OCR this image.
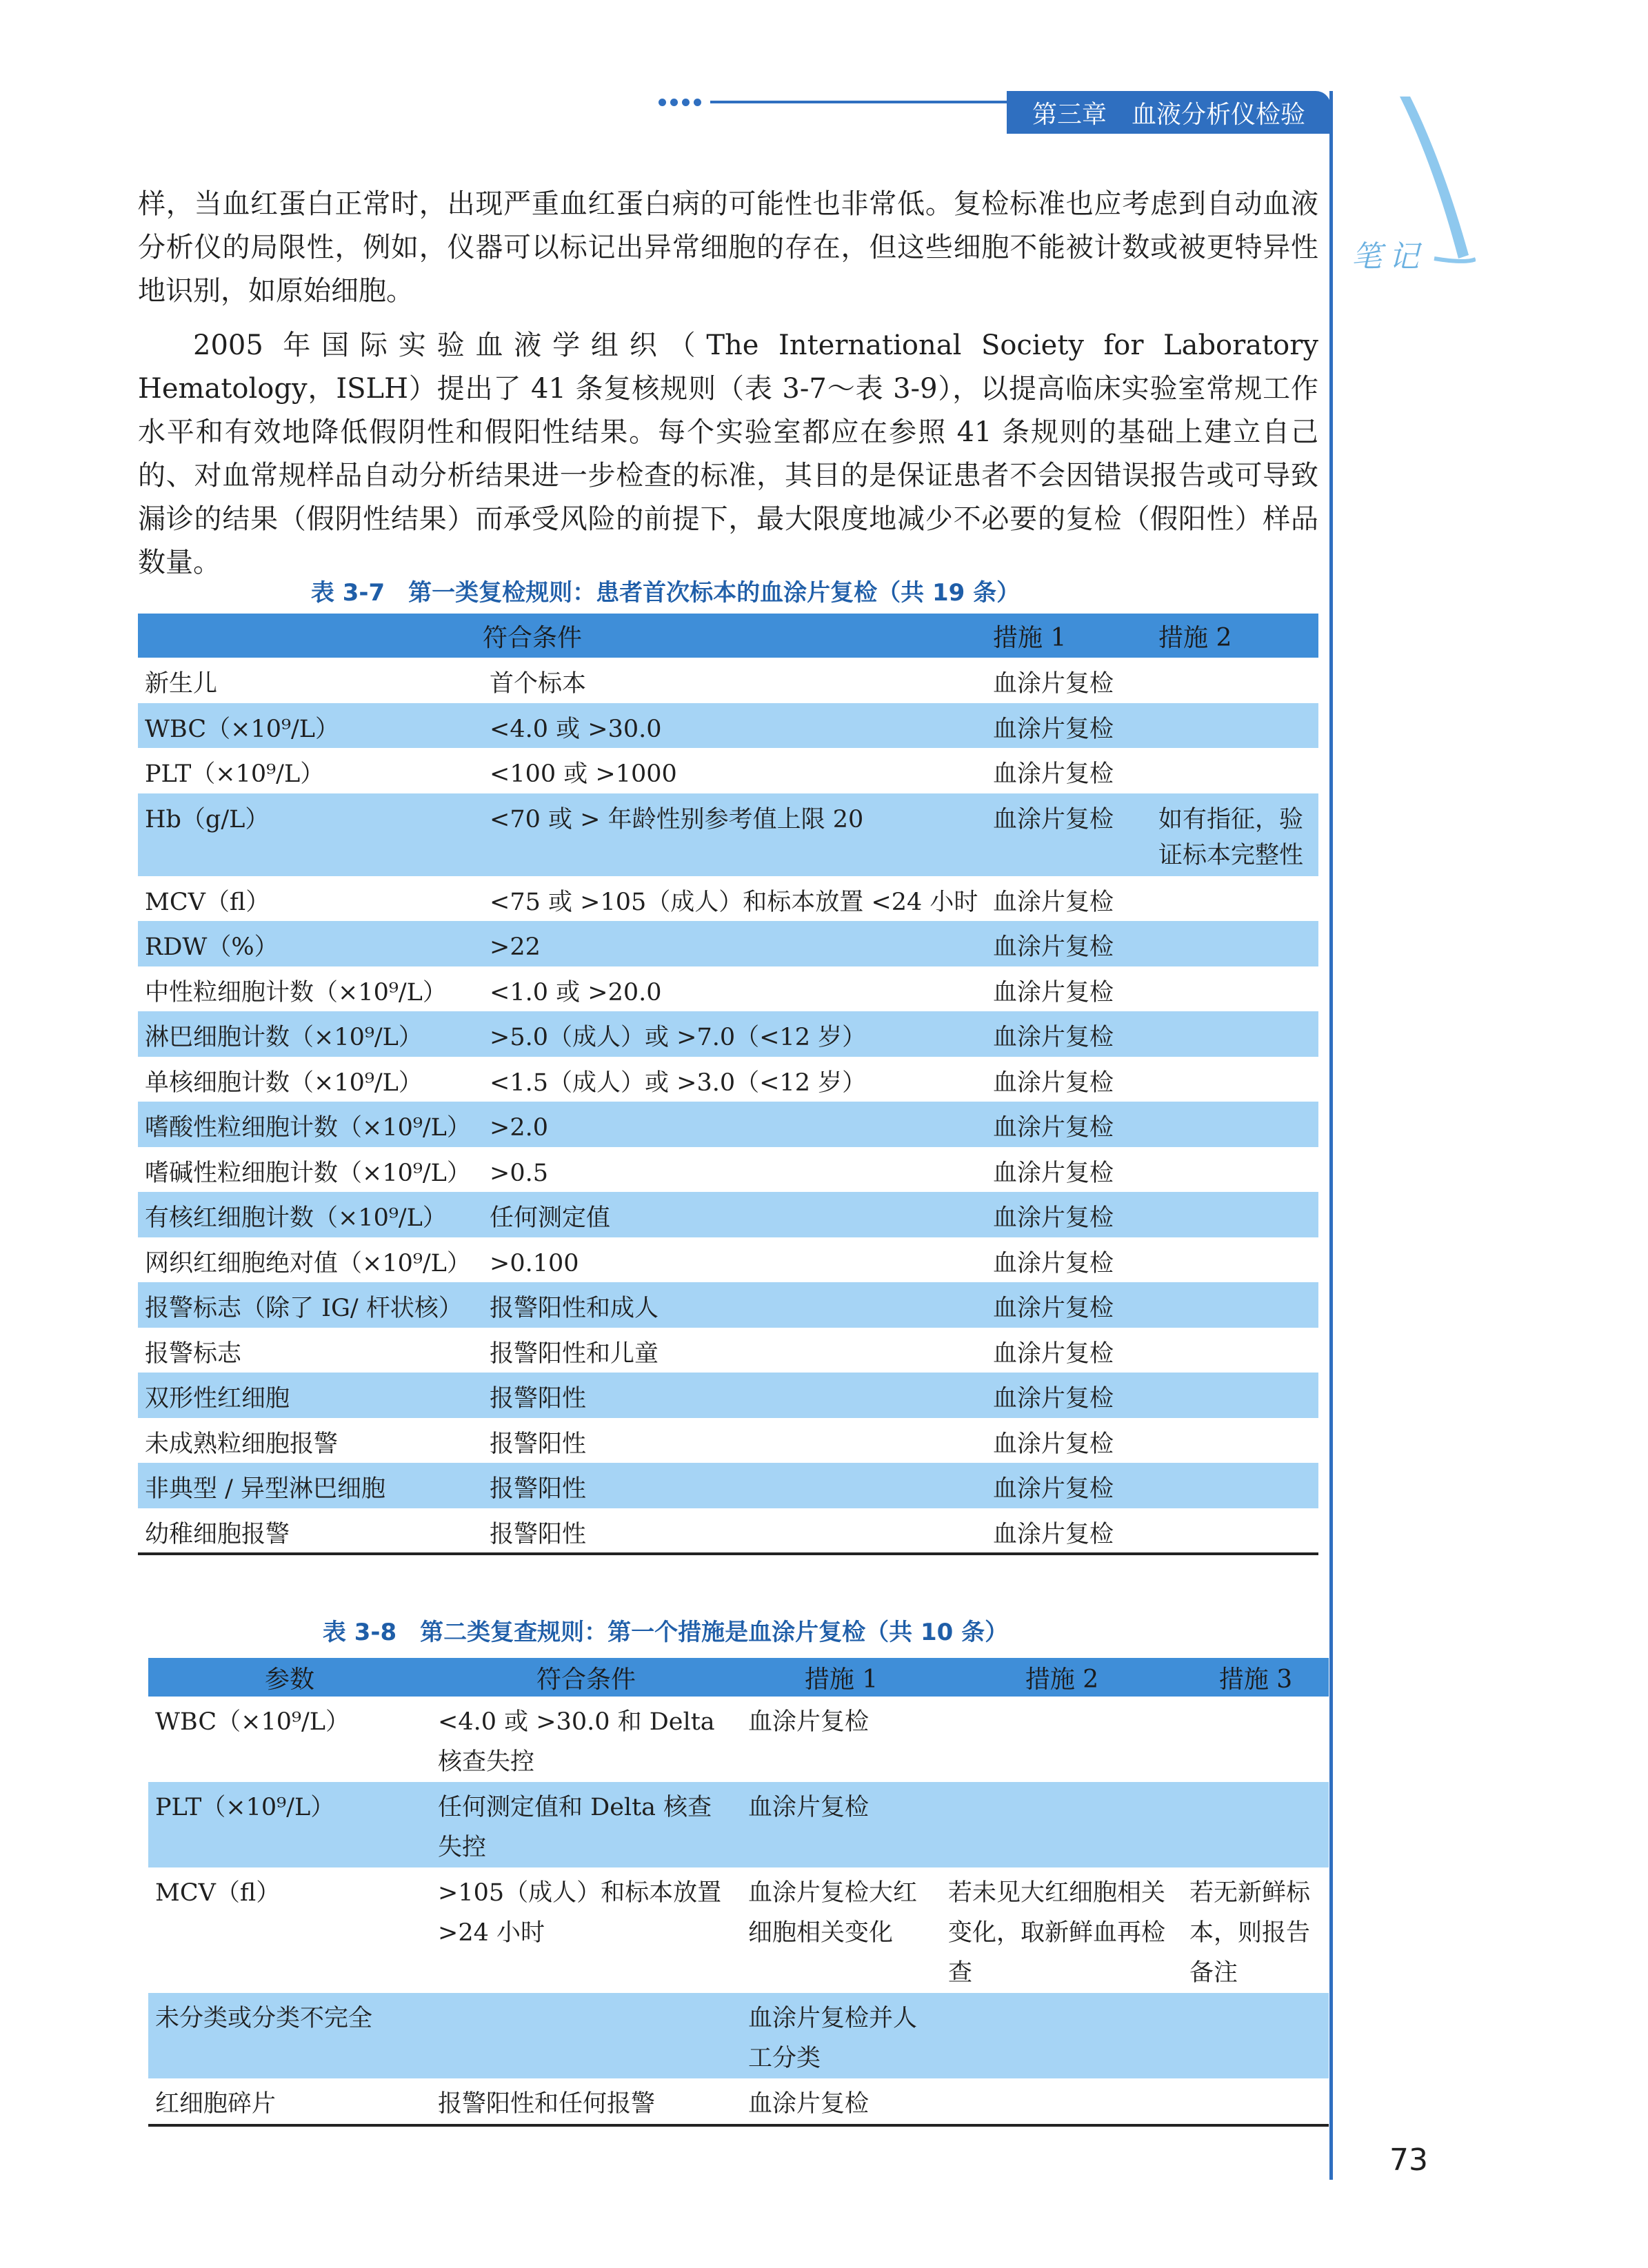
第三章　血液分析仪检验
笔记

样，当血红蛋白正常时，出现严重血红蛋白病的可能性也非常低。复检标准也应考虑到自动血液分析仪的局限性，例如，仪器可以标记出异常细胞的存在，但这些细胞不能被计数或被更特异性地识别，如原始细胞。

2005 年国际实验血液学组织（The International Society for Laboratory Hematology，ISLH）提出了 41 条复核规则（表 3-7～表 3-9），以提高临床实验室常规工作水平和有效地降低假阴性和假阳性结果。每个实验室都应在参照 41 条规则的基础上建立自己的、对血常规样品自动分析结果进一步检查的标准，其目的是保证患者不会因错误报告或可导致漏诊的结果（假阴性结果）而承受风险的前提下，最大限度地减少不必要的复检（假阳性）样品数量。

表 3-7　第一类复检规则：患者首次标本的血涂片复检（共 19 条）

	符合条件	措施 1	措施 2
新生儿	首个标本	血涂片复检	
WBC（×10⁹/L）	<4.0 或 >30.0	血涂片复检	
PLT（×10⁹/L）	<100 或 >1000	血涂片复检	
Hb（g/L）	<70 或 > 年龄性别参考值上限 20	血涂片复检	如有指征，验证标本完整性
MCV（fl）	<75 或 >105（成人）和标本放置 <24 小时	血涂片复检	
RDW（%）	>22	血涂片复检	
中性粒细胞计数（×10⁹/L）	<1.0 或 >20.0	血涂片复检	
淋巴细胞计数（×10⁹/L）	>5.0（成人）或 >7.0（<12 岁）	血涂片复检	
单核细胞计数（×10⁹/L）	<1.5（成人）或 >3.0（<12 岁）	血涂片复检	
嗜酸性粒细胞计数（×10⁹/L）	>2.0	血涂片复检	
嗜碱性粒细胞计数（×10⁹/L）	>0.5	血涂片复检	
有核红细胞计数（×10⁹/L）	任何测定值	血涂片复检	
网织红细胞绝对值（×10⁹/L）	>0.100	血涂片复检	
报警标志（除了 IG/ 杆状核）	报警阳性和成人	血涂片复检	
报警标志	报警阳性和儿童	血涂片复检	
双形性红细胞	报警阳性	血涂片复检	
未成熟粒细胞报警	报警阳性	血涂片复检	
非典型 / 异型淋巴细胞	报警阳性	血涂片复检	
幼稚细胞报警	报警阳性	血涂片复检	

表 3-8　第二类复查规则：第一个措施是血涂片复检（共 10 条）

参数	符合条件	措施 1	措施 2	措施 3
WBC（×10⁹/L）	<4.0 或 >30.0 和 Delta 核查失控	血涂片复检		
PLT（×10⁹/L）	任何测定值和 Delta 核查失控	血涂片复检		
MCV（fl）	>105（成人）和标本放置 >24 小时	血涂片复检大红细胞相关变化	若未见大红细胞相关变化，取新鲜血再检查	若无新鲜标本，则报告备注
未分类或分类不完全		血涂片复检并人工分类		
红细胞碎片	报警阳性和任何报警	血涂片复检		
73
